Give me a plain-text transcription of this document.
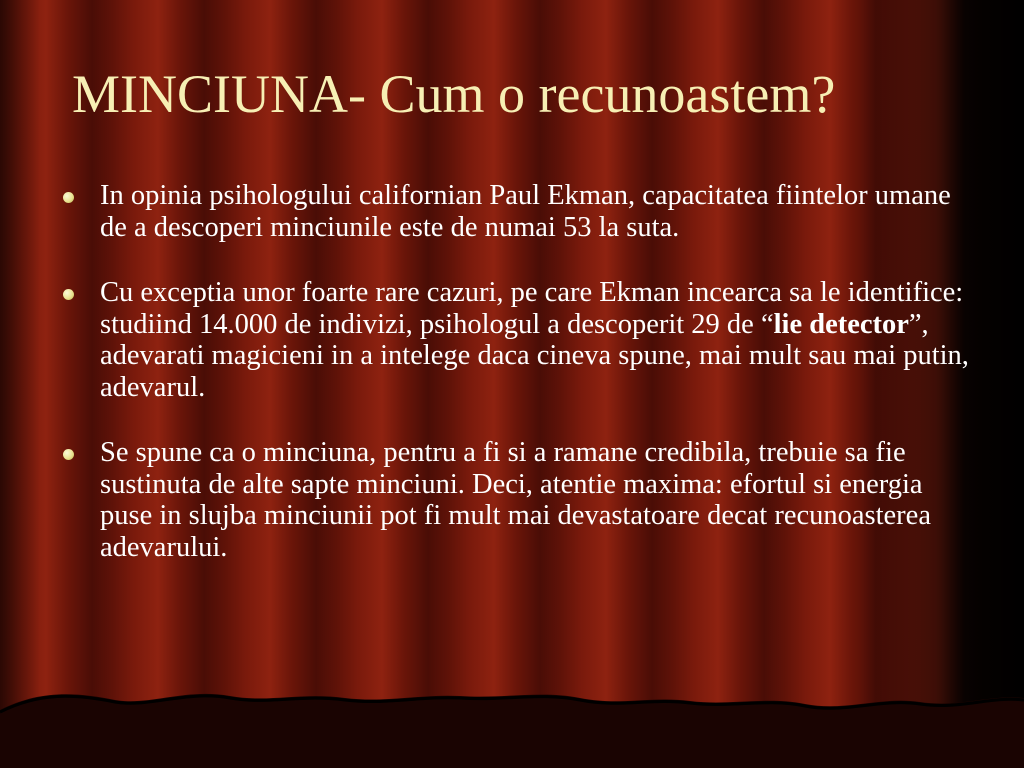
MINCIUNA- Cum o recunoastem?
In opinia psihologului californian Paul Ekman, capacitatea fiintelor umane de a descoperi minciunile este de numai 53 la suta.
Cu exceptia unor foarte rare cazuri, pe care Ekman incearca sa le identifice: studiind 14.000 de indivizi, psihologul a descoperit 29 de “lie detector”, adevarati magicieni in a intelege daca cineva spune, mai mult sau mai putin, adevarul.
Se spune ca o minciuna, pentru a fi si a ramane credibila, trebuie sa fie sustinuta de alte sapte minciuni. Deci, atentie maxima: efortul si energia puse in slujba minciunii pot fi mult mai devastatoare decat recunoasterea adevarului.
